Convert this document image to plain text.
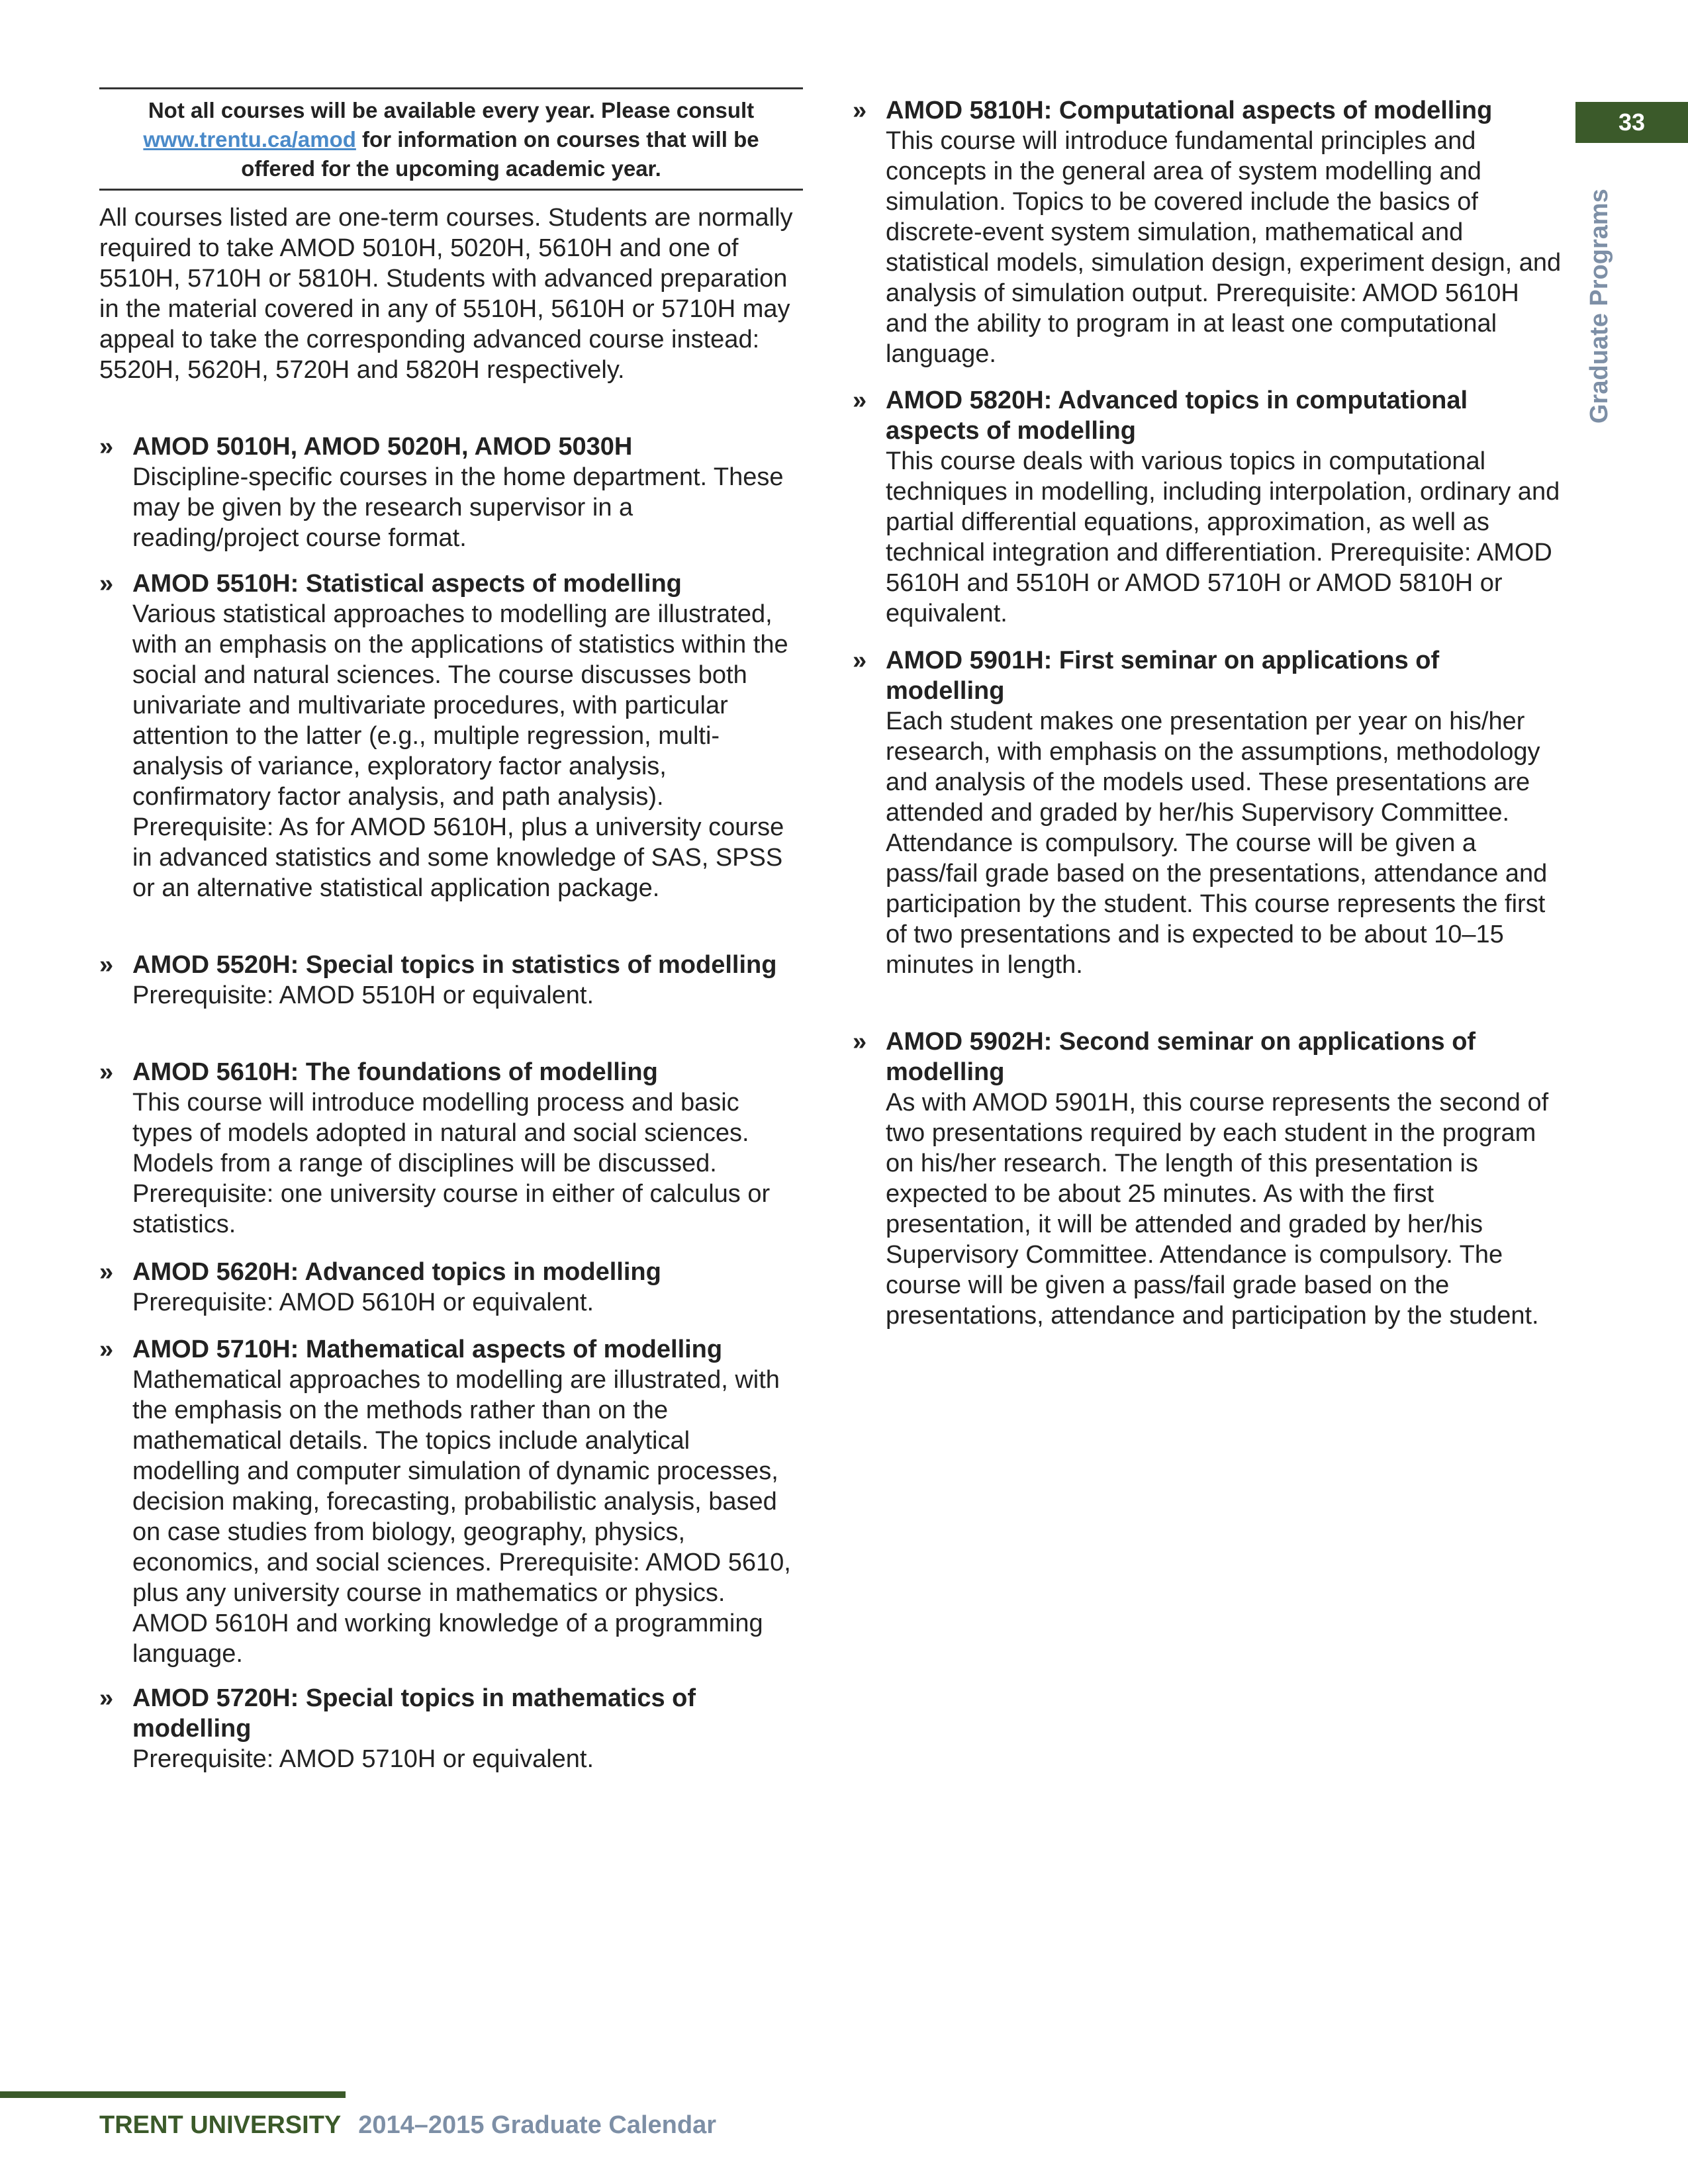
Not all courses will be available every year. Please consult
www.trentu.ca/amod for information on courses that will be
offered for the upcoming academic year.

All courses listed are one-term courses. Students are normally required to take AMOD 5010H, 5020H, 5610H and one of 5510H, 5710H or 5810H. Students with advanced preparation in the material covered in any of 5510H, 5610H or 5710H may appeal to take the corresponding advanced course instead: 5520H, 5620H, 5720H and 5820H respectively.

» AMOD 5010H, AMOD 5020H, AMOD 5030H
Discipline-specific courses in the home department. These may be given by the research supervisor in a reading/project course format.
» AMOD 5510H: Statistical aspects of modelling
Various statistical approaches to modelling are illustrated, with an emphasis on the applications of statistics within the social and natural sciences. The course discusses both univariate and multivariate procedures, with particular attention to the latter (e.g., multiple regression, multi-analysis of variance, exploratory factor analysis, confirmatory factor analysis, and path analysis). Prerequisite: As for AMOD 5610H, plus a university course in advanced statistics and some knowledge of SAS, SPSS or an alternative statistical application package.
» AMOD 5520H: Special topics in statistics of modelling
Prerequisite: AMOD 5510H or equivalent.
» AMOD 5610H: The foundations of modelling
This course will introduce modelling process and basic types of models adopted in natural and social sciences. Models from a range of disciplines will be discussed. Prerequisite: one university course in either of calculus or statistics.
» AMOD 5620H: Advanced topics in modelling
Prerequisite: AMOD 5610H or equivalent.
» AMOD 5710H: Mathematical aspects of modelling
Mathematical approaches to modelling are illustrated, with the emphasis on the methods rather than on the mathematical details. The topics include analytical modelling and computer simulation of dynamic processes, decision making, forecasting, probabilistic analysis, based on case studies from biology, geography, physics, economics, and social sciences. Prerequisite: AMOD 5610, plus any university course in mathematics or physics. AMOD 5610H and working knowledge of a programming language.
» AMOD 5720H: Special topics in mathematics of modelling
Prerequisite: AMOD 5710H or equivalent.
» AMOD 5810H: Computational aspects of modelling
This course will introduce fundamental principles and concepts in the general area of system modelling and simulation. Topics to be covered include the basics of discrete-event system simulation, mathematical and statistical models, simulation design, experiment design, and analysis of simulation output. Prerequisite: AMOD 5610H and the ability to program in at least one computational language.
» AMOD 5820H: Advanced topics in computational aspects of modelling
This course deals with various topics in computational techniques in modelling, including interpolation, ordinary and partial differential equations, approximation, as well as technical integration and differentiation. Prerequisite: AMOD 5610H and 5510H or AMOD 5710H or AMOD 5810H or equivalent.
» AMOD 5901H: First seminar on applications of modelling
Each student makes one presentation per year on his/her research, with emphasis on the assumptions, methodology and analysis of the models used. These presentations are attended and graded by her/his Supervisory Committee. Attendance is compulsory. The course will be given a pass/fail grade based on the presentations, attendance and participation by the student. This course represents the first of two presentations and is expected to be about 10–15 minutes in length.
» AMOD 5902H: Second seminar on applications of modelling
As with AMOD 5901H, this course represents the second of two presentations required by each student in the program on his/her research. The length of this presentation is expected to be about 25 minutes. As with the first presentation, it will be attended and graded by her/his Supervisory Committee. Attendance is compulsory. The course will be given a pass/fail grade based on the presentations, attendance and participation by the student.
33
Graduate Programs
TRENT UNIVERSITY 2014–2015 Graduate Calendar
